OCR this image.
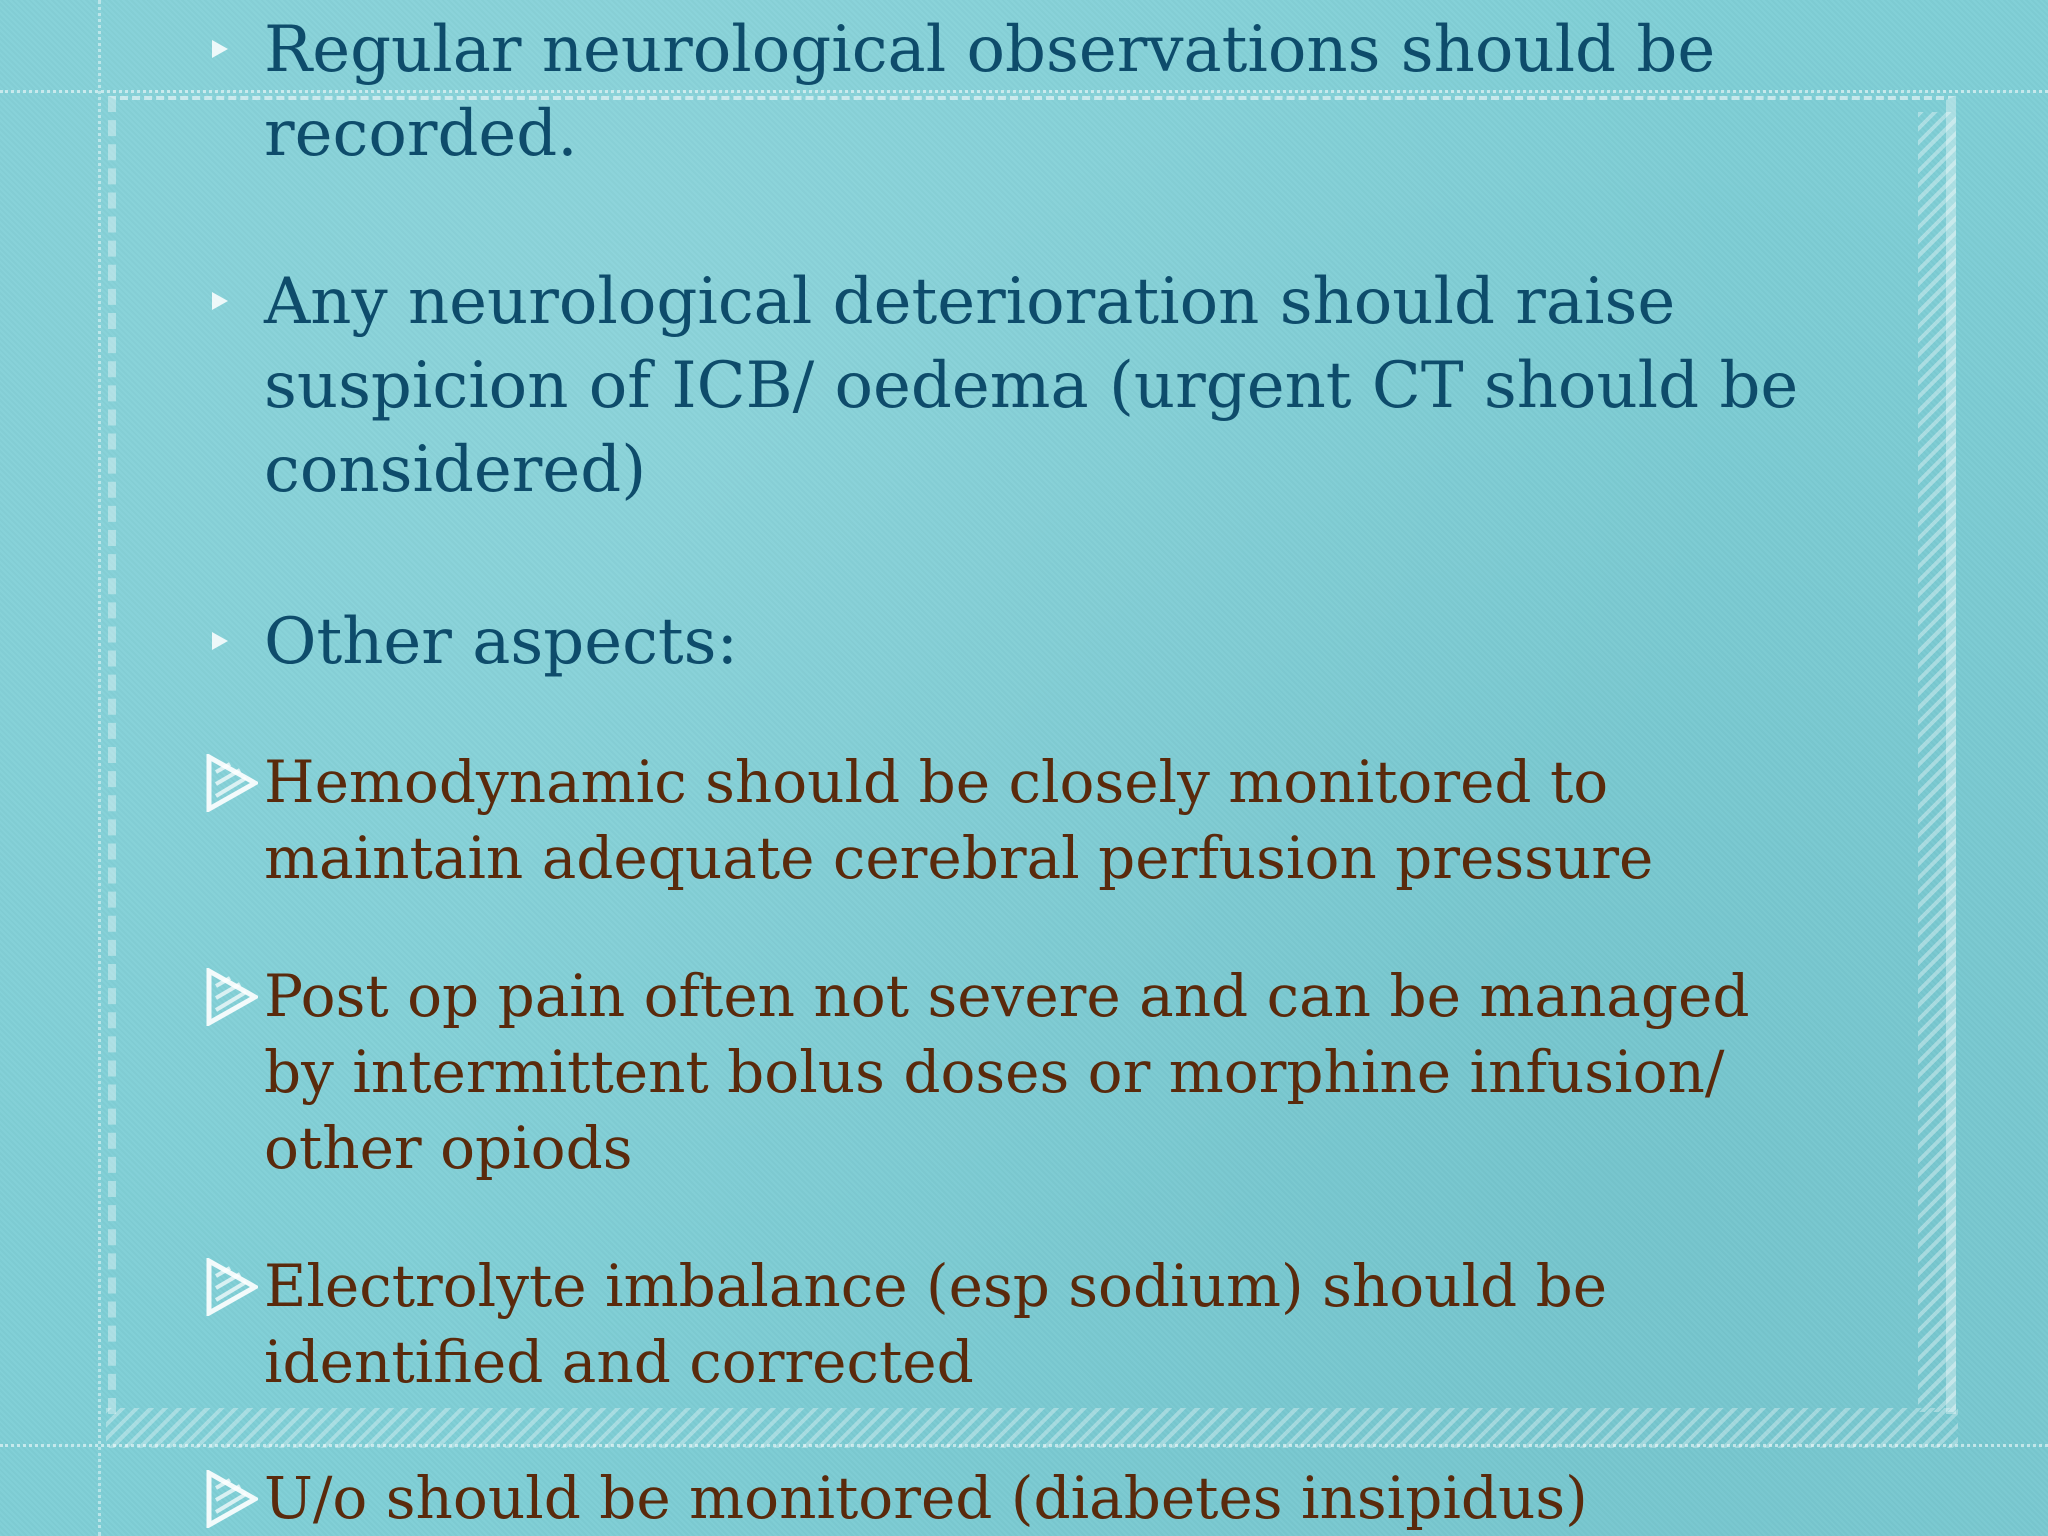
Regular neurological observations should be recorded.
Any neurological deterioration should raise suspicion of ICB/ oedema (urgent CT should be considered)
Other aspects:
Hemodynamic should be closely monitored to maintain adequate cerebral perfusion pressure
Post op pain often not severe and can be managed by intermittent bolus doses or morphine infusion/ other opiods
Electrolyte imbalance (esp sodium) should be identified and corrected
U/o should be monitored (diabetes insipidus)
